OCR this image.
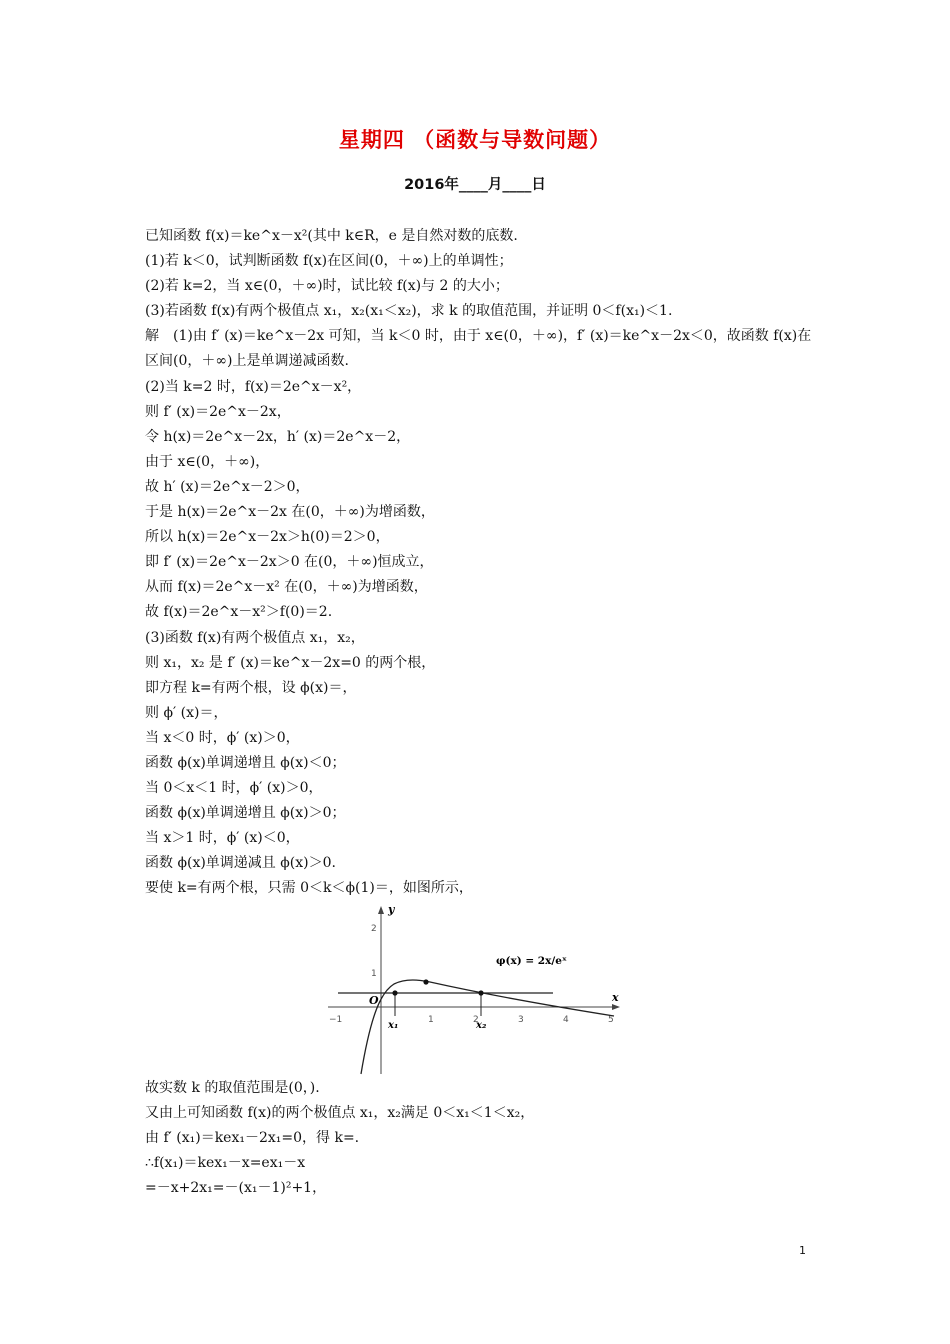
星期四 （函数与导数问题）
2016年____月____日

已知函数 f(x)＝ke^x－x²(其中 k∈R，e 是自然对数的底数.

(1)若 k＜0，试判断函数 f(x)在区间(0，＋∞)上的单调性；

(2)若 k=2，当 x∈(0，＋∞)时，试比较 f(x)与 2 的大小；

(3)若函数 f(x)有两个极值点 x₁，x₂(x₁＜x₂)，求 k 的取值范围，并证明 0＜f(x₁)＜1.

解　(1)由 f′ (x)＝ke^x－2x 可知，当 k＜0 时，由于 x∈(0，＋∞)，f′ (x)＝ke^x－2x＜0，故函数 f(x)在区间(0，＋∞)上是单调递减函数.

(2)当 k=2 时，f(x)＝2e^x－x²，

则 f′ (x)＝2e^x－2x，

令 h(x)＝2e^x－2x，h′ (x)＝2e^x－2，

由于 x∈(0，＋∞)，

故 h′ (x)＝2e^x－2＞0，

于是 h(x)＝2e^x－2x 在(0，＋∞)为增函数，

所以 h(x)＝2e^x－2x＞h(0)＝2＞0，

即 f′ (x)＝2e^x－2x＞0 在(0，＋∞)恒成立，

从而 f(x)＝2e^x－x² 在(0，＋∞)为增函数，

故 f(x)＝2e^x－x²＞f(0)＝2.

(3)函数 f(x)有两个极值点 x₁，x₂，

则 x₁，x₂ 是 f′ (x)＝ke^x－2x=0 的两个根，

即方程 k=有两个根，设 ϕ(x)＝，

则 ϕ′ (x)＝，

当 x＜0 时，ϕ′ (x)＞0，

函数 ϕ(x)单调递增且 ϕ(x)＜0；

当 0＜x＜1 时，ϕ′ (x)＞0，

函数 ϕ(x)单调递增且 ϕ(x)＞0；

当 x＞1 时，ϕ′ (x)＜0，

函数 ϕ(x)单调递减且 ϕ(x)＞0.

要使 k=有两个根，只需 0＜k＜ϕ(1)＝，如图所示，

x
y
O
−1	1	2	3	4	5
2
1
x₁	x₂
φ(x) = 2x/eˣ

故实数 k 的取值范围是(0，).

又由上可知函数 f(x)的两个极值点 x₁，x₂满足 0＜x₁＜1＜x₂，

由 f′ (x₁)＝kex₁－2x₁=0，得 k=.

∴f(x₁)＝kex₁－x=ex₁－x

=－x+2x₁=－(x₁－1)²+1，

1
